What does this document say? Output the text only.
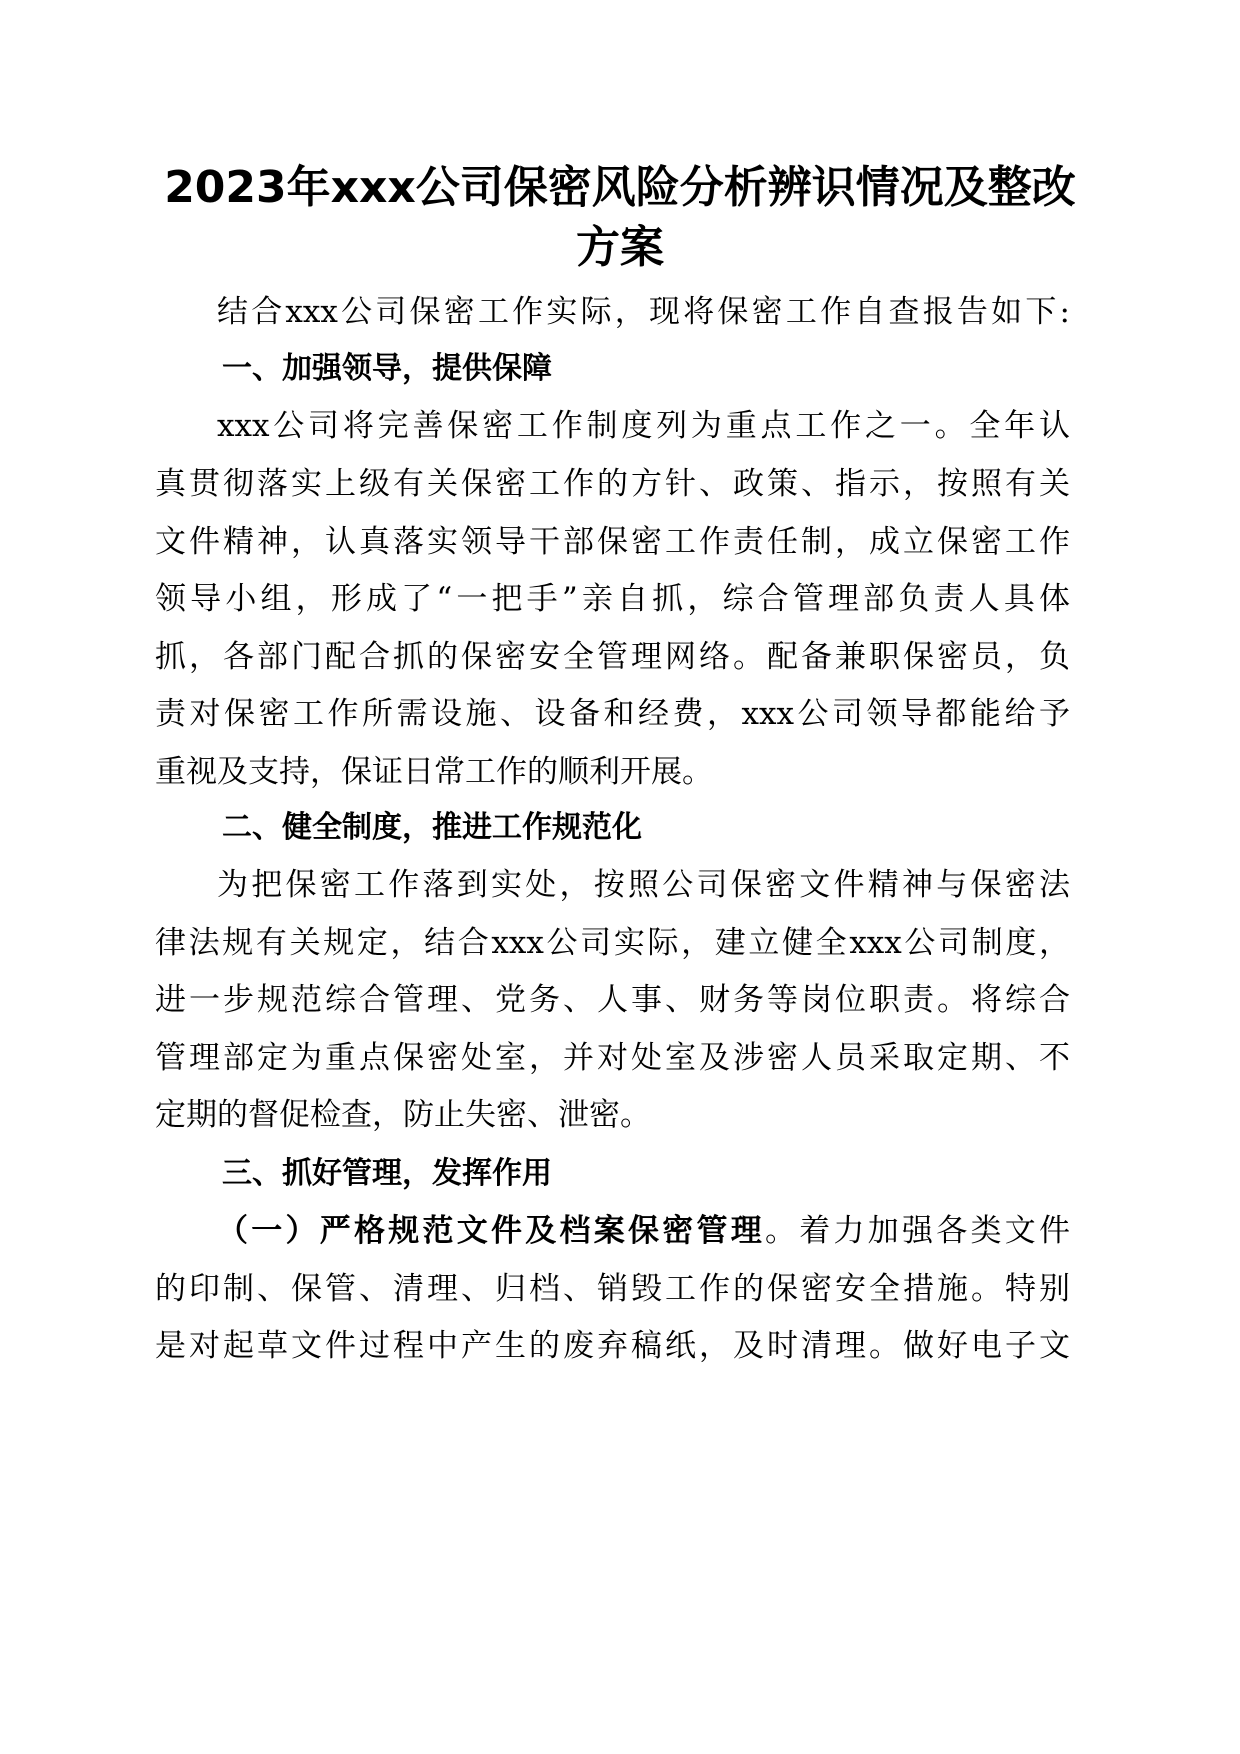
2023年xxx公司保密风险分析辨识情况及整改
方案
结合xxx公司保密工作实际，现将保密工作自查报告如下:
一、加强领导，提供保障
xxx公司将完善保密工作制度列为重点工作之一。全年认
真贯彻落实上级有关保密工作的方针、政策、指示，按照有关
文件精神，认真落实领导干部保密工作责任制，成立保密工作
领导小组，形成了“一把手”亲自抓，综合管理部负责人具体
抓，各部门配合抓的保密安全管理网络。配备兼职保密员，负
责对保密工作所需设施、设备和经费，xxx公司领导都能给予
重视及支持，保证日常工作的顺利开展。
二、健全制度，推进工作规范化
为把保密工作落到实处，按照公司保密文件精神与保密法
律法规有关规定，结合xxx公司实际，建立健全xxx公司制度，
进一步规范综合管理、党务、人事、财务等岗位职责。将综合
管理部定为重点保密处室，并对处室及涉密人员采取定期、不
定期的督促检查，防止失密、泄密。
三、抓好管理，发挥作用
（一）严格规范文件及档案保密管理。着力加强各类文件
的印制、保管、清理、归档、销毁工作的保密安全措施。特别
是对起草文件过程中产生的废弃稿纸，及时清理。做好电子文
